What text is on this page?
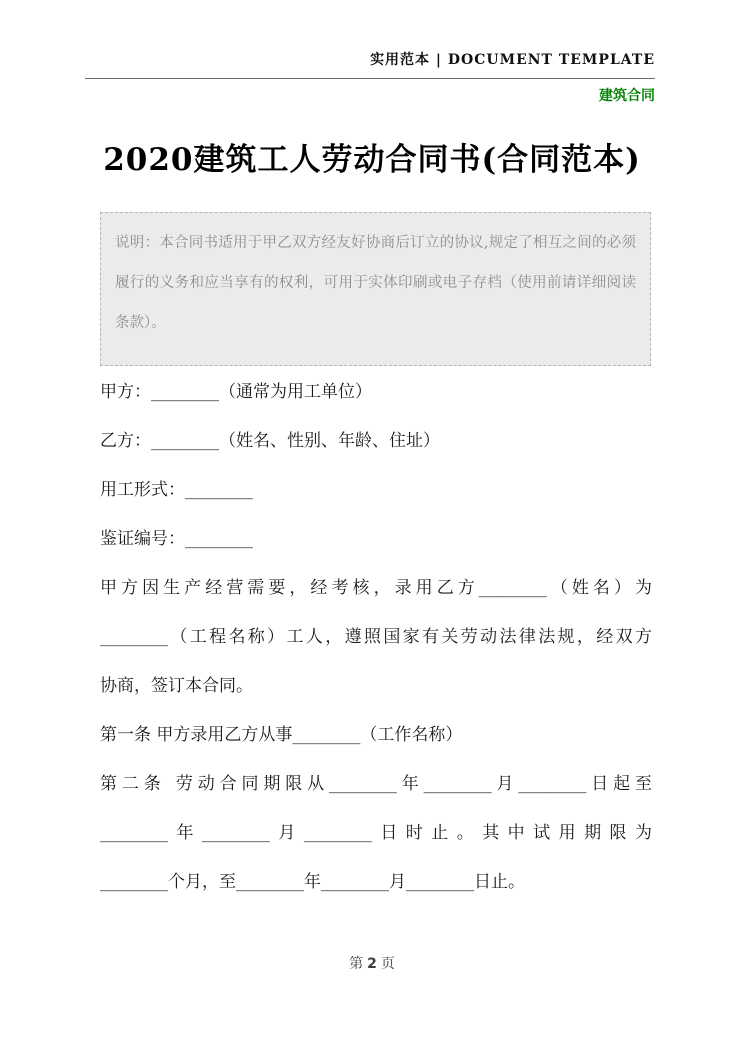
实用范本 | DOCUMENT TEMPLATE
建筑合同
2020建筑工人劳动合同书(合同范本)
说明：本合同书适用于甲乙双方经友好协商后订立的协议,规定了相互之间的必须履行的义务和应当享有的权利，可用于实体印刷或电子存档（使用前请详细阅读条款）。
甲方：________（通常为用工单位）
乙方：________（姓名、性别、年龄、住址）
用工形式：________
鉴证编号：________
甲方因生产经营需要，经考核，录用乙方________（姓名）为
________（工程名称）工人，遵照国家有关劳动法律法规，经双方
协商，签订本合同。
第一条 甲方录用乙方从事________（工作名称）
第二条 劳动合同期限从________年________月________日起至
________年________月________日时止。其中试用期限为
________个月，至________年________月________日止。
第 2 页
